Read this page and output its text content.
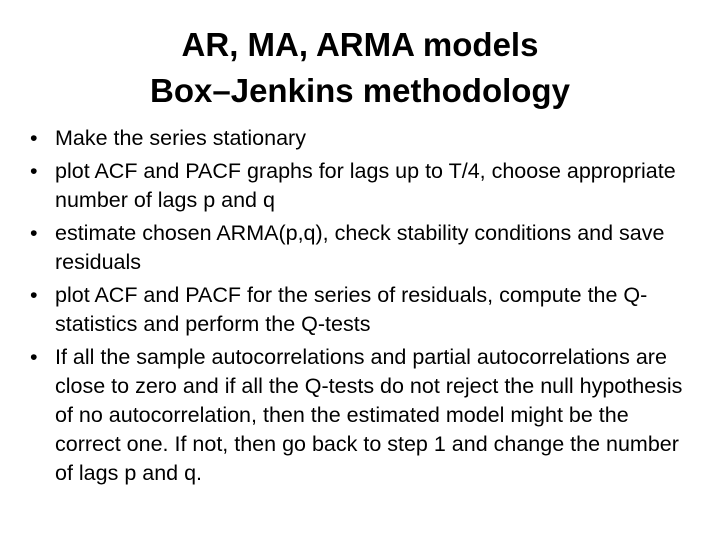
AR, MA, ARMA models
Box–Jenkins methodology
• Make the series stationary
• plot ACF and PACF graphs for lags up to T/4, choose appropriate number of lags p and q
• estimate chosen ARMA(p,q), check stability conditions and save residuals
• plot ACF and PACF for the series of residuals, compute the Q-statistics and perform the Q-tests
• If all the sample autocorrelations and partial autocorrelations are close to zero and if all the Q-tests do not reject the null hypothesis of no autocorrelation, then the estimated model might be the correct one. If not, then go back to step 1 and change the number of lags p and q.
